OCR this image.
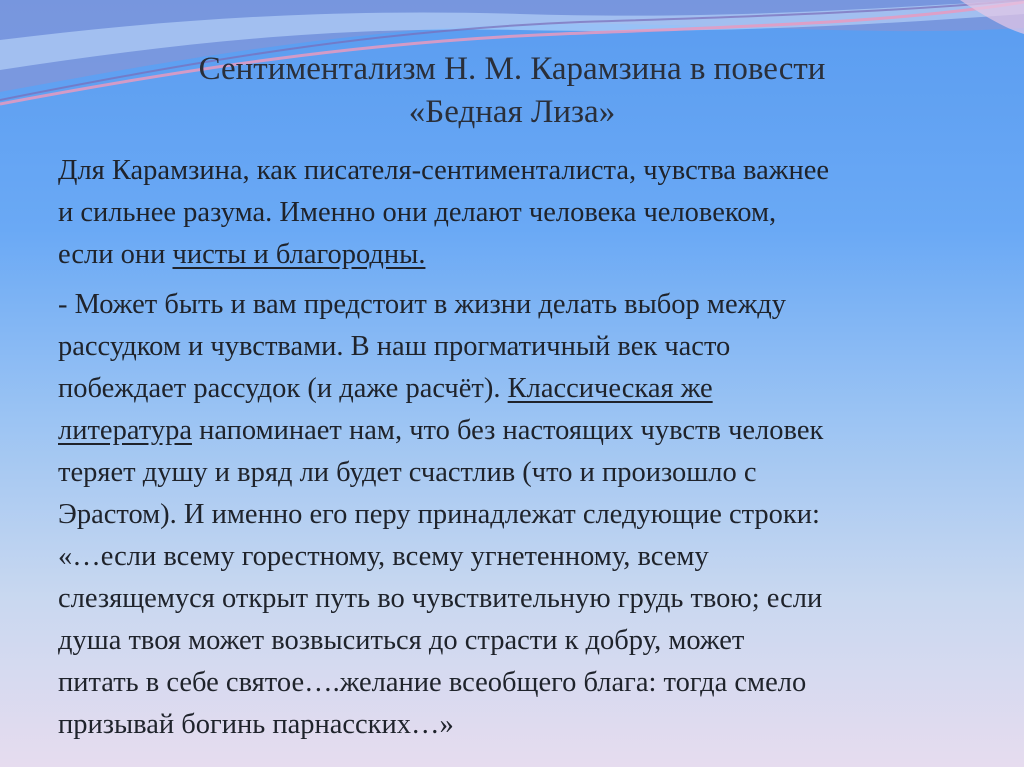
Сентиментализм Н. М. Карамзина в повести
«Бедная Лиза»
Для Карамзина, как писателя-сентименталиста, чувства важнее
и сильнее разума. Именно они делают человека человеком,
если они чисты и благородны.
- Может быть и вам предстоит в жизни делать выбор между
рассудком и чувствами. В наш прогматичный век часто
побеждает рассудок (и даже расчёт). Классическая же
литература напоминает нам, что без настоящих чувств человек
теряет душу и вряд ли будет счастлив (что и произошло с
Эрастом). И именно его перу принадлежат следующие строки:
«…если всему горестному, всему угнетенному, всему
слезящемуся открыт путь во чувствительную грудь твою; если
душа твоя может возвыситься до страсти к добру, может
питать в себе святое….желание всеобщего блага: тогда смело
призывай богинь парнасских…»
